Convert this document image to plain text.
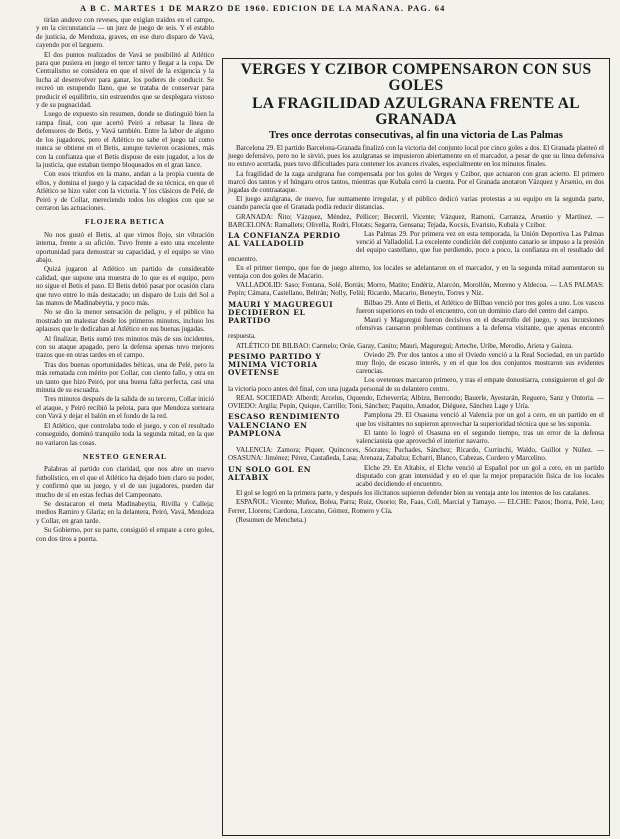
A B C. MARTES 1 DE MARZO DE 1960. EDICION DE LA MAÑANA. PAG. 64

tirían anduvo con reveses, que exigían traídos en el campo, y en la circunstancia — un juez de juego de seis. Y el establo de justicia, de Mendoza, graves, en ese duro disparo de Vavá, cayendo por el larguero.

El dos puntos realizados de Vavá se posibilitó al Atlético para que pusiera en juego el tercer tanto y llegar a la copa. De Centralismo se considera en que el nivel de la exigencia y la lucha al desenvolver para ganar, los poderes de conducir. Se recreó un estupendo llano, que se trataba de conservar para producir el equilibrio, sin estruendos que se desplegara vistoso y de su pugnacidad.

Luego de expuesto sin resumen, donde se distinguió bien la rampa final, con que acertó Peiró a rebasar la línea de defensores de Betis, y Vavá también. Entre la labor de alguno de los jugadores, pero el Atlético no sabe el juego tal como nunca se obtiene en el Betis, aunque tuvieron ocasiones, más con la confianza que el Betis dispuso de este jugador, a los de la justicia, que estaban tiempo bloqueados en el gran lance.

Con esos triunfos en la mano, andan a la propia cuenta de ellos, y domina el juego y la capacidad de su técnica, en que el Atlético se hizo valer con la victoria. Y los clásicos de Pelé, de Peiró y de Collar, mereciendo todos los elogios con que se cerraron las actuaciones.

FLOJERA BETICA

No nos gustó el Betis, al que vimos flojo, sin vibración interna, frente a su afición. Tuvo frente a esto una excelente oportunidad para demostrar su capacidad, y el equipo se vino abajo.

Quizá jugaron al Atlético un partido de considerable calidad, que supone una muestra de lo que es el equipo, pero no sigue el Betis el paso. El Betis debió pasar por ocasión clara que tuvo entre lo más destacado; un disparo de Luis del Sol a las manos de Madinabeytia, y poco más.

No se dio la menor sensación de peligro, y el público ha mostrado un malestar desde los primeros minutos, incluso los aplausos que le dedicaban al Atlético en sus buenas jugadas.

Al finalizar, Betis sumó tres minutos más de sus incidentes, con su ataque apagado, pero la defensa apenas tuvo mejores trazos que en otras tardes en el campo.

Tras dos buenas oportunidades béticas, una de Pelé, pero la más rematada con mérito por Collar, con ciento fallo, y otra en un tanto que hizo Peiró, por una buena falta perfecta, casi una minuta de su escuadra.

Tres minutos después de la salida de su tercero, Collar inició el ataque, y Peiró recibió la pelota, para que Mendoza sorteara con Vavá y dejar el balón en el fondo de la red.

El Atlético, que controlaba todo el juego, y con el resultado conseguido, dominó tranquilo toda la segunda mitad, en la que no variaron las cosas.

NESTEO GENERAL

Palabras al partido con claridad, que nos abre un nuevo futbolístico, en el que el Atlético ha dejado bien claro su poder, y confirmó que su juego, y el de sus jugadores, pueden dar mucho de sí en estas fechas del Campeonato.

Se destacaron el meta Madinabeytia, Rivilla y Calleja; medios Ramiro y Glaría; en la delantera, Peiró, Vavá, Mendoza y Collar, en gran tarde.

Su Gobierno, por su parte, consiguió el empate a cero goles, con dos tiros a puerta.

VERGES Y CZIBOR COMPENSARON CON SUS GOLES
LA FRAGILIDAD AZULGRANA FRENTE AL GRANADA
Tres once derrotas consecutivas, al fin una victoria de Las Palmas

Barcelona 29. El partido Barcelona-Granada finalizó con la victoria del conjunto local por cinco goles a dos. El Granada planteó el juego defensivo, pero no le sirvió, pues los azulgranas se impusieron abiertamente en el marcador, a pesar de que su línea defensiva no estuvo acertada, pues tuvo dificultades para contener los avances rivales, especialmente en los minutos finales.

La fragilidad de la zaga azulgrana fue compensada por los goles de Verges y Czibor, que actuaron con gran acierto. El primero marcó dos tantos y el húngaro otros tantos, mientras que Kubala cerró la cuenta. Por el Granada anotaron Vázquez y Arsenio, en dos jugadas de contraataque.

El juego azulgrana, de nuevo, fue sumamente irregular, y el público dedicó varias protestas a su equipo en la segunda parte, cuando parecía que el Granada podía reducir distancias.

GRANADA: Ñito; Vázquez, Méndez, Pellicer; Becerril, Vicente; Vázquez, Ramoni, Carranza, Arsenio y Martínez. — BARCELONA: Ramallets; Olivella, Rodri, Flotats; Segarra, Gensana; Tejada, Kocsis, Evaristo, Kubala y Czibor.

LA CONFIANZA PERDIO AL VALLADOLID

Las Palmas 29. Por primera vez en esta temporada, la Unión Deportiva Las Palmas venció al Valladolid. La excelente condición del conjunto canario se impuso a la presión del equipo castellano, que fue perdiendo, poco a poco, la confianza en el resultado del encuentro.

En el primer tiempo, que fue de juego alterno, los locales se adelantaron en el marcador, y en la segunda mitad aumentaron su ventaja con dos goles de Macario.

VALLADOLID: Saso; Fontana, Solé, Borrás; Morro, Matito; Endériz, Alarcón, Morollón, Moreno y Aldecoa. — LAS PALMAS: Pepín; Cámara, Castellano, Beltrán; Nolly, Feliú; Ricardo, Macario, Beneyto, Torres y Niz.

MAURI Y MAGUREGUI DECIDIERON EL PARTIDO

Bilbao 29. Ante el Betis, el Atlético de Bilbao venció por tres goles a uno. Los vascos fueron superiores en todo el encuentro, con un dominio claro del centro del campo.

Mauri y Maguregui fueron decisivos en el desarrollo del juego, y sus incursiones ofensivas causaron problemas continuos a la defensa visitante, que apenas encontró respuesta.

ATLÉTICO DE BILBAO: Carmelo; Orúe, Garay, Canito; Mauri, Maguregui; Arteche, Uribe, Merodio, Arieta y Gainza.

PESIMO PARTIDO Y MINIMA VICTORIA OVETENSE

Oviedo 29. Por dos tantos a uno el Oviedo venció a la Real Sociedad, en un partido muy flojo, de escaso interés, y en el que los dos conjuntos mostraron sus evidentes carencias.

Los ovetenses marcaron primero, y tras el empate donostiarra, consiguieron el gol de la victoria poco antes del final, con una jugada personal de su delantero centro.

REAL SOCIEDAD: Alberdi; Arcelus, Oquendo, Echeverría; Albizu, Berrondo; Bauerle, Ayestarán, Reguero, Sanz y Ontoria. — OVIEDO: Argila; Pepín, Quique, Carrillo; Toni, Sánchez; Paquito, Amador, Diéguez, Sánchez Lage y Uría.

ESCASO RENDIMIENTO VALENCIANO EN PAMPLONA

Pamplona 29. El Osasuna venció al Valencia por un gol a cero, en un partido en el que los visitantes no supieron aprovechar la superioridad técnica que se les suponía.

El tanto lo logró el Osasuna en el segundo tiempo, tras un error de la defensa valencianista que aprovechó el interior navarro.

VALENCIA: Zamora; Piquer, Quincoces, Sócrates; Puchades, Sánchez; Ricardo, Currinchi, Waldo, Guillot y Núñez. — OSASUNA: Jiménez; Pérez, Castañeda, Lasa; Arenaza, Zabalza; Echarri, Blanco, Cabezas, Cordero y Marcelino.

UN SOLO GOL EN ALTABIX

Elche 29. En Altabix, el Elche venció al Español por un gol a cero, en un partido disputado con gran intensidad y en el que la mejor preparación física de los locales acabó decidiendo el encuentro.

El gol se logró en la primera parte, y después los ilicitanos supieron defender bien su ventaja ante los intentos de los catalanes.

ESPAÑOL: Vicente; Muñoz, Bolea, Parra; Ruiz, Osorio; Re, Faas, Coll, Marcial y Tamayo. — ELCHE: Pazos; Iborra, Pelé, Leo; Ferrer, Llorens; Cardona, Lezcano, Gómez, Romero y Cía.

(Resumen de Mencheta.)
